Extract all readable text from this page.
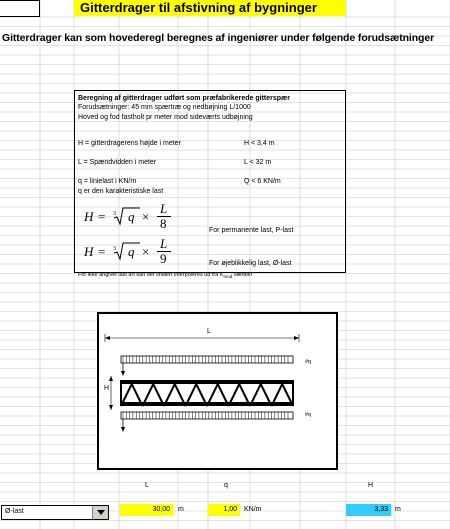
Gitterdrager til afstivning af bygninger
Gitterdrager kan som hovederegl beregnes af ingeniører under følgende forudsætninger
Beregning af gitterdrager udført som præfabrikerede gitterspær
Forudsætninger: 45 mm spærtræ og nedbøjning L/1000
Hoved og fod fastholt pr meter mod sideværts udbøjning
H = gitterdragerens højde i meter	H < 3,4 m
L = Spændvidden i meter	L < 32 m
q = linielast i KN/m	Q < 6 KN/m
q er den karakteristiske last
H = 3 q ×
L
8	For permanente last, P-last
H = 3 q ×
L
9	For øjeblikkelig last, Ø-last
For ikke angivet last art kan der liniaert interpoleres ud fra $K_{mod}$ værdier
L
H
#q
#q
L	q	H
Ø-last	30,00	m	1,00	KN/m	3,33	m
